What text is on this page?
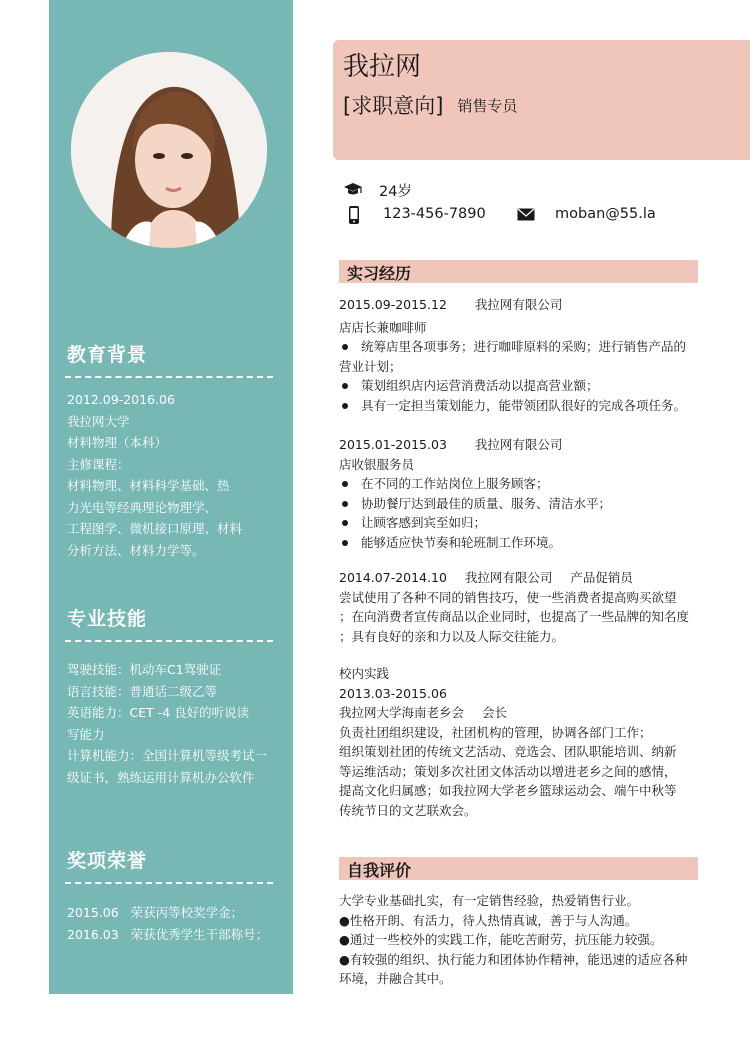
教育背景
2012.09-2016.06
我拉网大学
材料物理（本科）
主修课程：
材料物理、材料科学基础、热
力光电等经典理论物理学、
工程图学、微机接口原理、材料
分析方法、材料力学等。
专业技能
驾驶技能：机动车C1驾驶证
语言技能：普通话二级乙等
英语能力：CET -4 良好的听说读
写能力
计算机能力：全国计算机等级考试一
级证书，熟练运用计算机办公软件
奖项荣誉
2015.06   荣获丙等校奖学金；
2016.03   荣获优秀学生干部称号；
我拉网
[求职意向] 销售专员
24岁
123-456-7890	moban@55.la
实习经历
2015.09-2015.12 我拉网有限公司
店店长兼咖啡师
统筹店里各项事务；进行咖啡原料的采购；进行销售产品的
营业计划；
策划组织店内运营消费活动以提高营业额；
具有一定担当策划能力，能带领团队很好的完成各项任务。
2015.01-2015.03 我拉网有限公司
店收银服务员
在不同的工作站岗位上服务顾客；
协助餐厅达到最佳的质量、服务、清洁水平；
让顾客感到宾至如归；
能够适应快节奏和轮班制工作环境。
2014.07-2014.10 我拉网有限公司 产品促销员
尝试使用了各种不同的销售技巧，使一些消费者提高购买欲望
；在向消费者宣传商品以企业同时，也提高了一些品牌的知名度
；具有良好的亲和力以及人际交往能力。
校内实践
2013.03-2015.06
我拉网大学海南老乡会 会长
负责社团组织建设，社团机构的管理，协调各部门工作；
组织策划社团的传统文艺活动、竞选会、团队职能培训、纳新
等运维活动；策划多次社团文体活动以增进老乡之间的感情，
提高文化归属感；如我拉网大学老乡篮球运动会、端午中秋等
传统节日的文艺联欢会。
自我评价
大学专业基础扎实，有一定销售经验，热爱销售行业。
●性格开朗、有活力，待人热情真诚，善于与人沟通。
●通过一些校外的实践工作，能吃苦耐劳，抗压能力较强。
●有较强的组织、执行能力和团体协作精神，能迅速的适应各种
环境，并融合其中。
